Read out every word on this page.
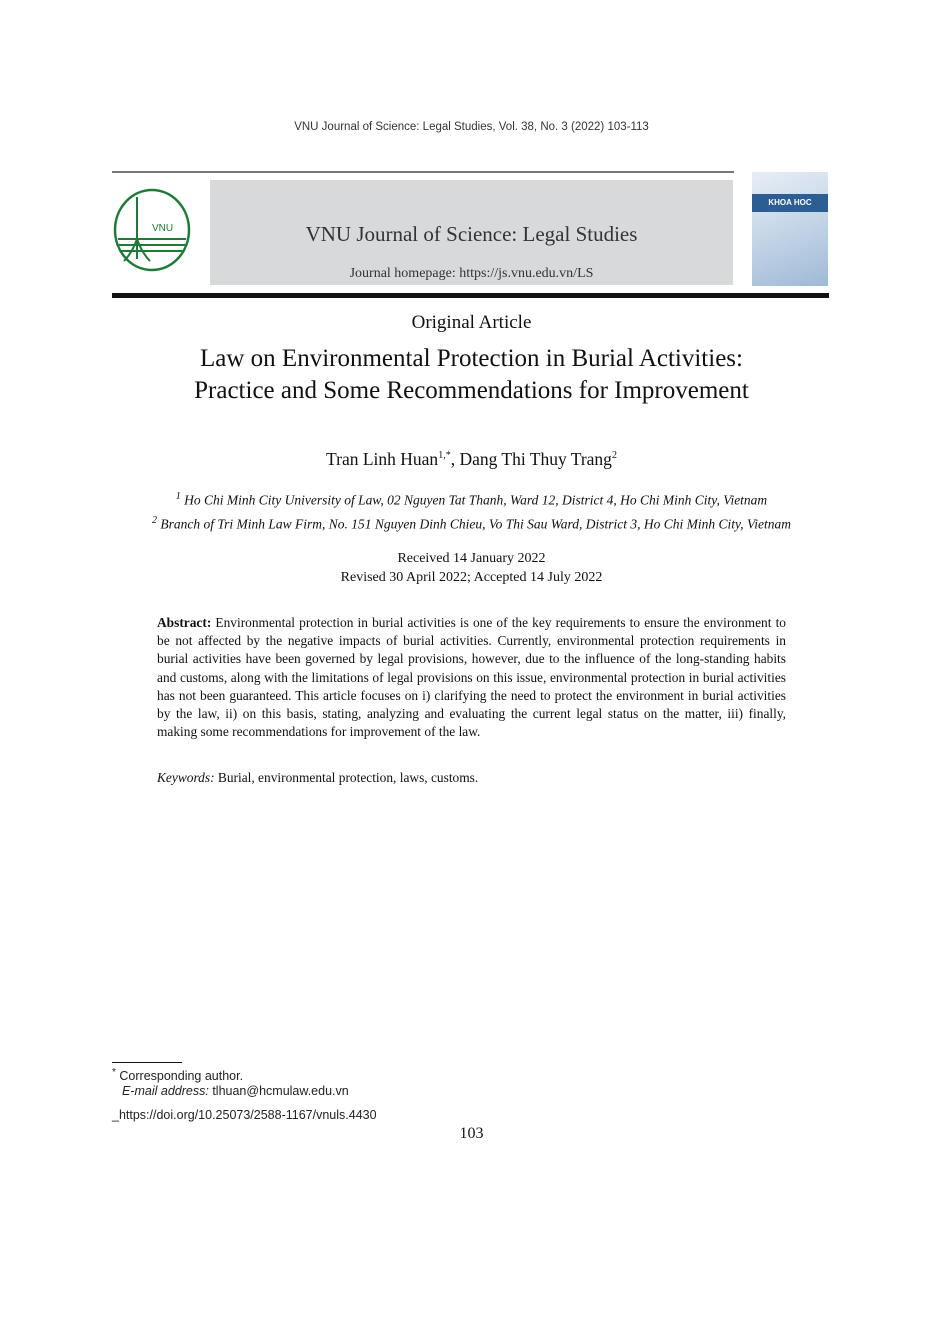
VNU Journal of Science: Legal Studies, Vol. 38, No. 3 (2022) 103-113
VNU	VNU Journal of Science: Legal Studies
Journal homepage: https://js.vnu.edu.vn/LS
KHOA HOC
Original Article
Law on Environmental Protection in Burial Activities:
Practice and Some Recommendations for Improvement
Tran Linh Huan$^{1,*}$, Dang Thi Thuy Trang$^2$
$^1$ Ho Chi Minh City University of Law, 02 Nguyen Tat Thanh, Ward 12, District 4, Ho Chi Minh City, Vietnam
$^2$ Branch of Tri Minh Law Firm, No. 151 Nguyen Dinh Chieu, Vo Thi Sau Ward, District 3, Ho Chi Minh City, Vietnam
Received 14 January 2022
Revised 30 April 2022; Accepted 14 July 2022
Abstract: Environmental protection in burial activities is one of the key requirements to ensure the environment to be not affected by the negative impacts of burial activities. Currently, environmental protection requirements in burial activities have been governed by legal provisions, however, due to the influence of the long-standing habits and customs, along with the limitations of legal provisions on this issue, environmental protection in burial activities has not been guaranteed. This article focuses on i) clarifying the need to protect the environment in burial activities by the law, ii) on this basis, stating, analyzing and evaluating the current legal status on the matter, iii) finally, making some recommendations for improvement of the law.
Keywords: Burial, environmental protection, laws, customs.
* Corresponding author.
E-mail address: tlhuan@hcmulaw.edu.vn
_https://doi.org/10.25073/2588-1167/vnuls.4430
103
